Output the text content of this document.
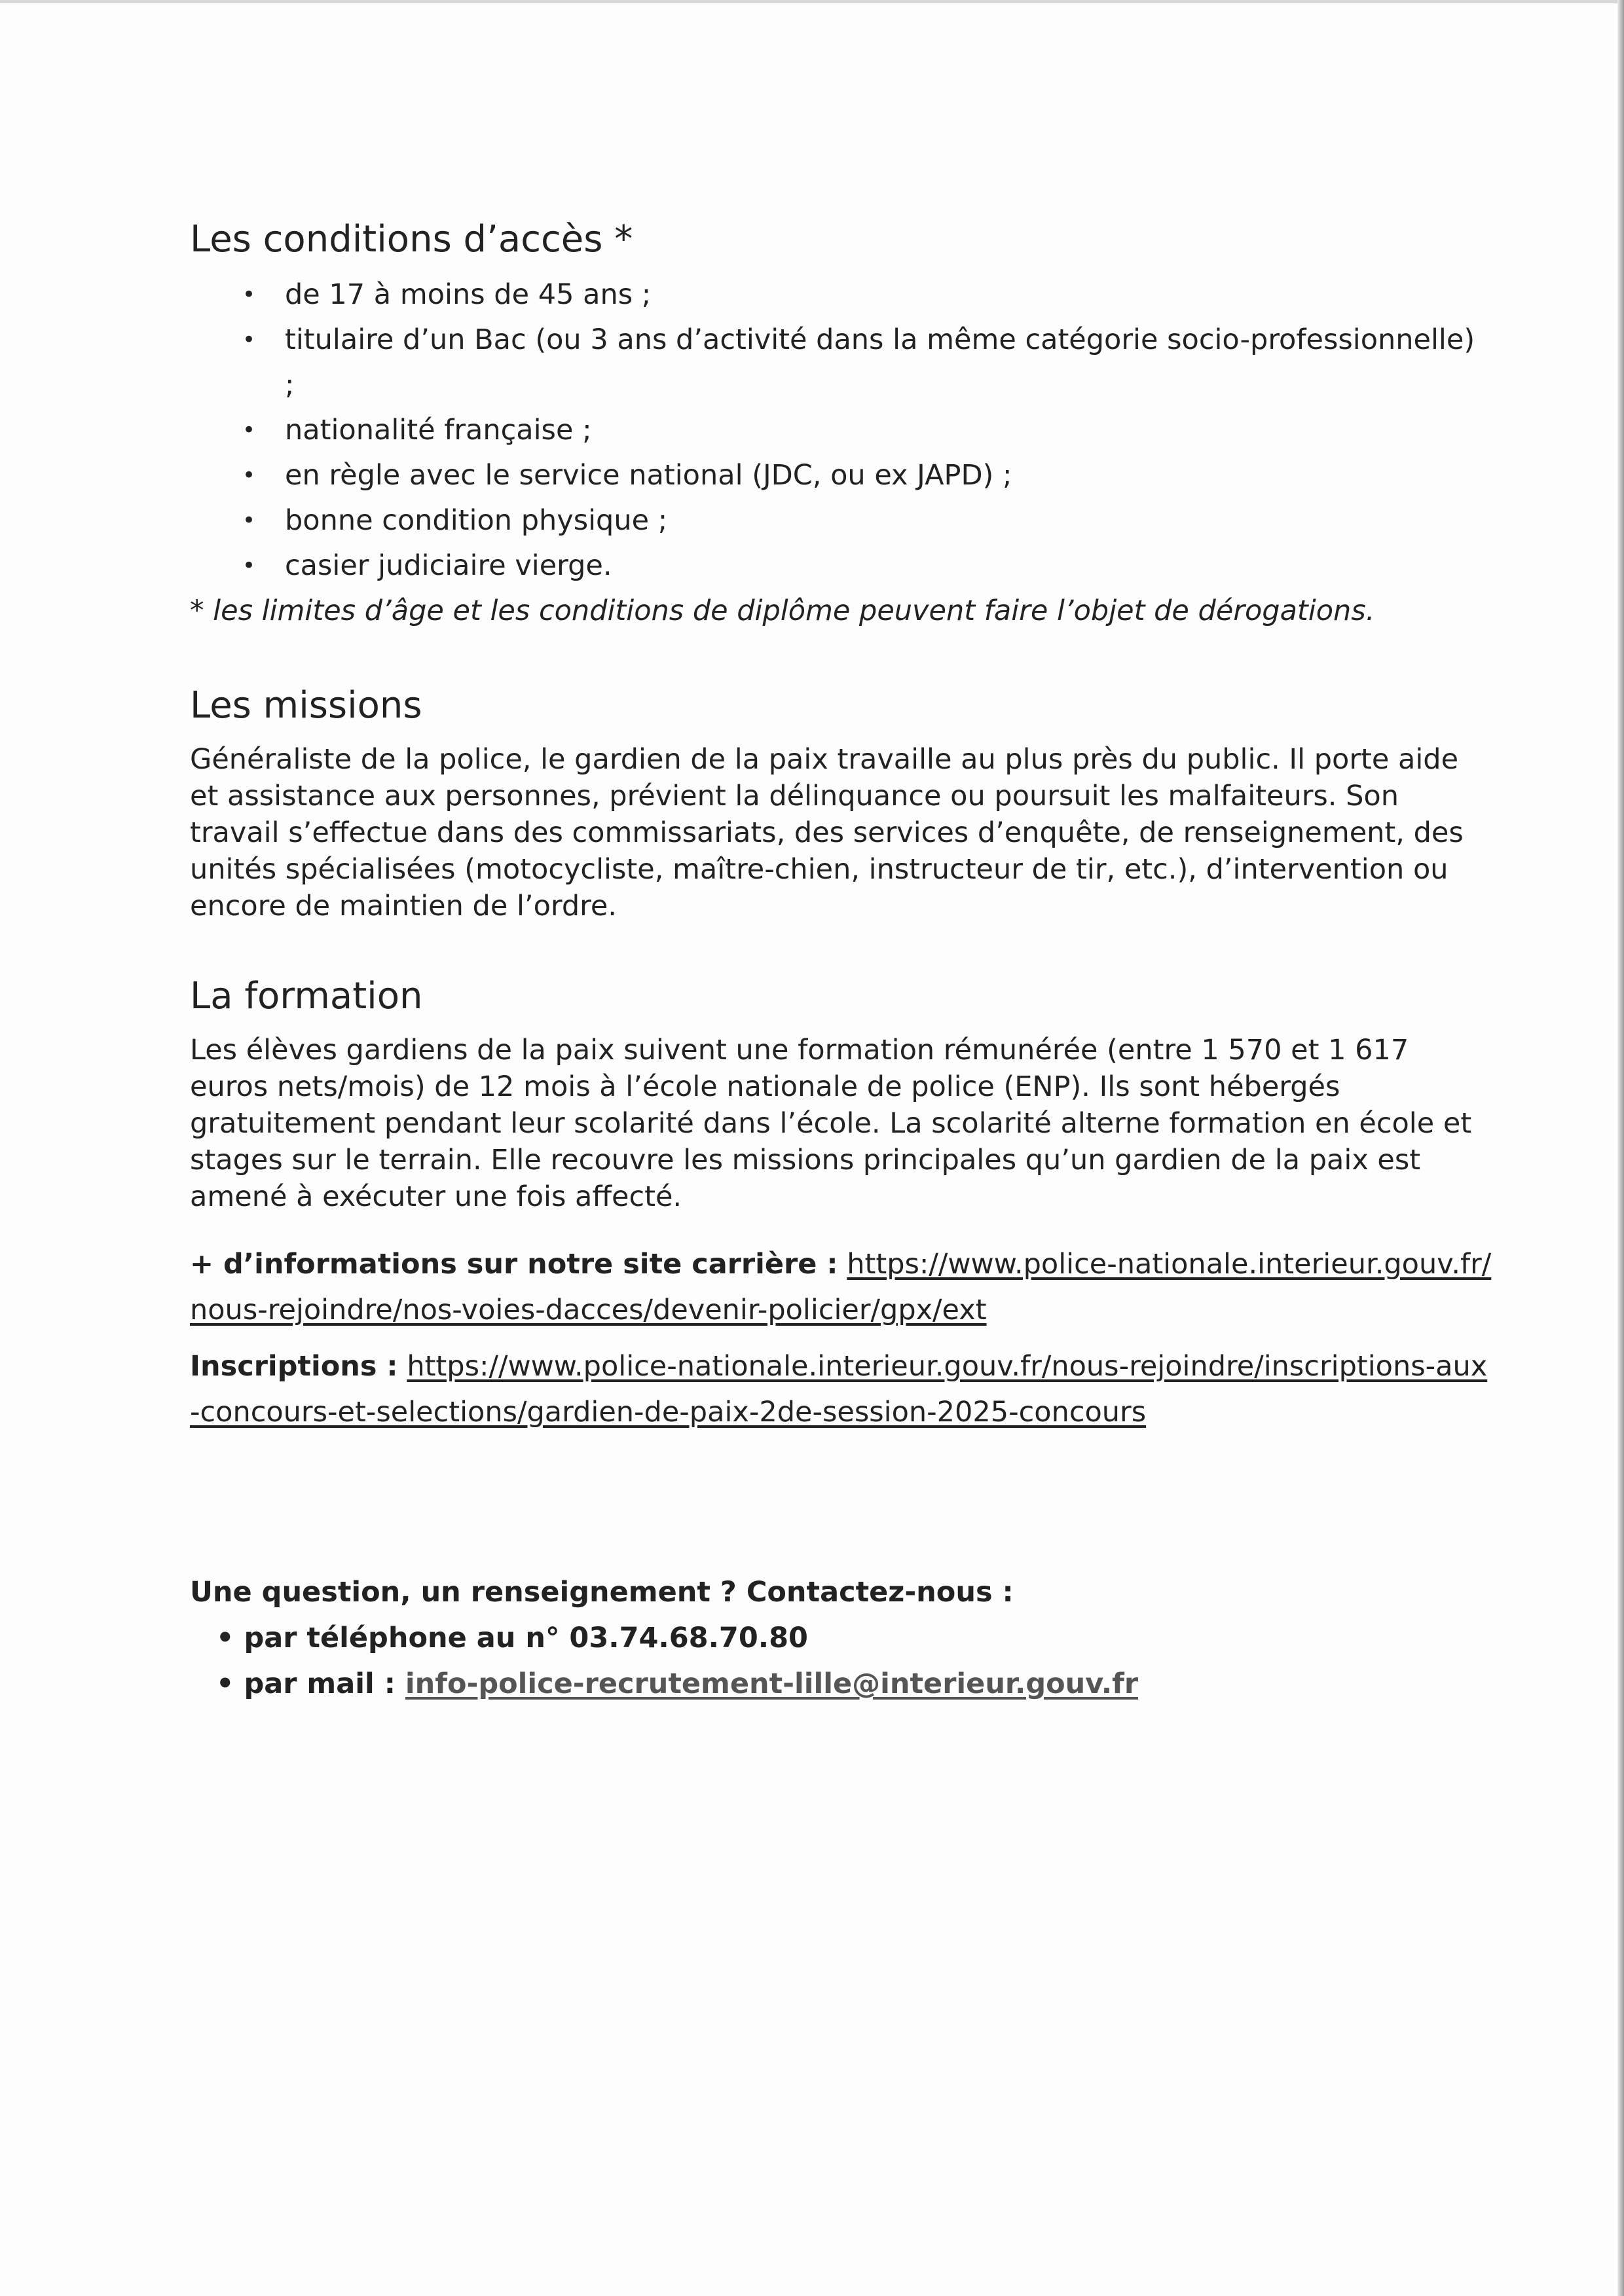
Les conditions d’accès *
• de 17 à moins de 45 ans ;
• titulaire d’un Bac (ou 3 ans d’activité dans la même catégorie socio-professionnelle) ;
• nationalité française ;
• en règle avec le service national (JDC, ou ex JAPD) ;
• bonne condition physique ;
• casier judiciaire vierge.
* les limites d’âge et les conditions de diplôme peuvent faire l’objet de dérogations.
Les missions

Généraliste de la police, le gardien de la paix travaille au plus près du public. Il porte aide et assistance aux personnes, prévient la délinquance ou poursuit les malfaiteurs. Son travail s’effectue dans des commissariats, des services d’enquête, de renseignement, des unités spécialisées (motocycliste, maître-chien, instructeur de tir, etc.), d’intervention ou encore de maintien de l’ordre.

La formation

Les élèves gardiens de la paix suivent une formation rémunérée (entre 1 570 et 1 617 euros nets/mois) de 12 mois à l’école nationale de police (ENP). Ils sont hébergés gratuitement pendant leur scolarité dans l’école. La scolarité alterne formation en école et stages sur le terrain. Elle recouvre les missions principales qu’un gardien de la paix est amené à exécuter une fois affecté.

+ d’informations sur notre site carrière : https://www.police-nationale.interieur.gouv.fr/nous-rejoindre/nos-voies-dacces/devenir-policier/gpx/ext
Inscriptions : https://www.police-nationale.interieur.gouv.fr/nous-rejoindre/inscriptions-aux-concours-et-selections/gardien-de-paix-2de-session-2025-concours
Une question, un renseignement ? Contactez-nous :
• par téléphone au n° 03.74.68.70.80
• par mail : info-police-recrutement-lille@interieur.gouv.fr
